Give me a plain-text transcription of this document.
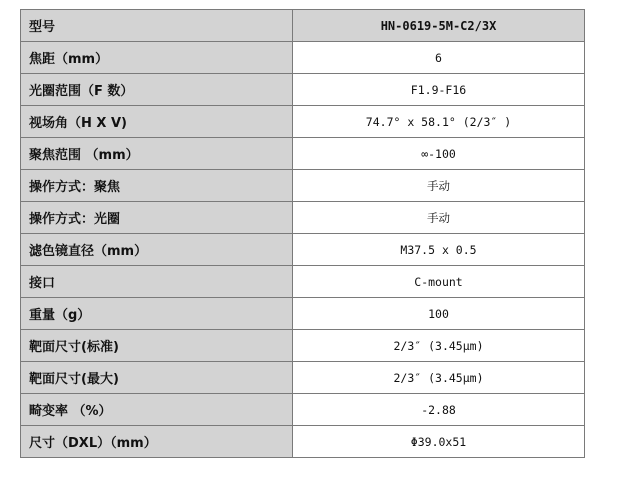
型号	HN-0619-5M-C2/3X
焦距（mm）	6
光圈范围（F 数）	F1.9-F16
视场角（H X V)	74.7° x 58.1° (2/3″ )
聚焦范围 （mm）	∞-100
操作方式：聚焦	手动
操作方式：光圈	手动
滤色镜直径（mm）	M37.5 x 0.5
接口	C-mount
重量（g）	100
靶面尺寸(标准)	2/3″ (3.45μm)
靶面尺寸(最大)	2/3″ (3.45μm)
畸变率 （%）	-2.88
尺寸（DXL）（mm）	Φ39.0x51
